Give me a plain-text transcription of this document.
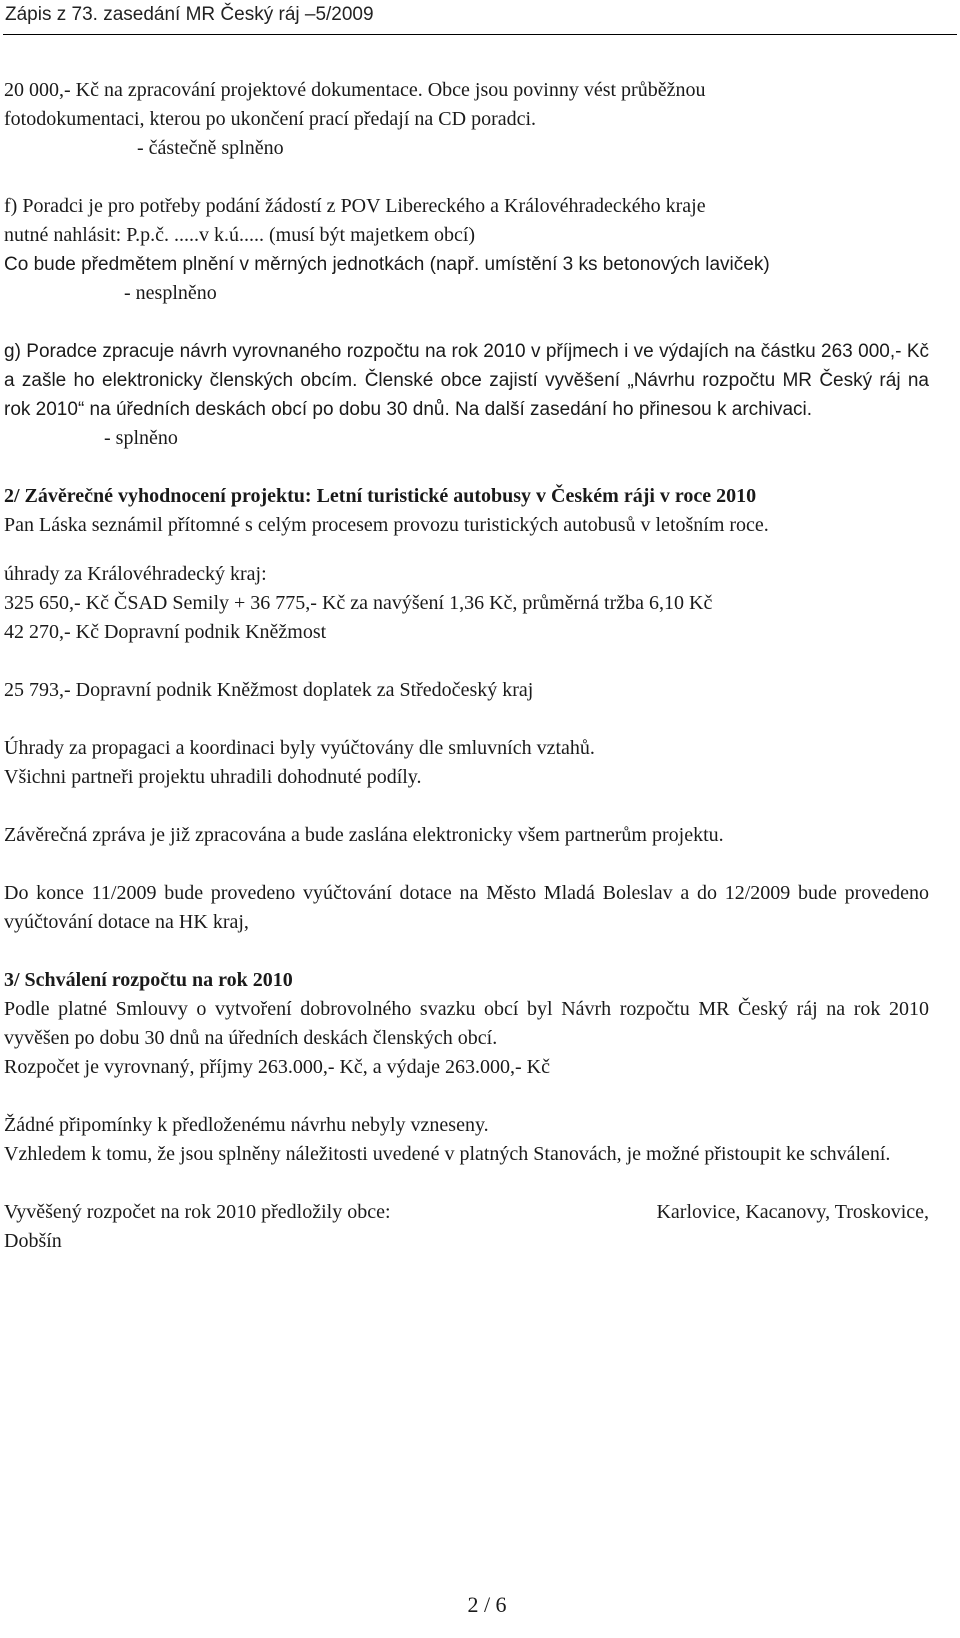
Zápis z 73. zasedání MR Český ráj –5/2009

20 000,- Kč na zpracování projektové dokumentace. Obce jsou povinny vést průběžnou

fotodokumentaci, kterou po ukončení prací předají na CD poradci.

- částečně splněno

f) Poradci je pro potřeby podání žádostí z POV Libereckého a Královéhradeckého kraje

nutné nahlásit: P.p.č. .....v k.ú..... (musí být majetkem obcí)

Co bude předmětem plnění v měrných jednotkách (např. umístění 3 ks betonových laviček)

- nesplněno

g) Poradce zpracuje návrh vyrovnaného rozpočtu na rok 2010 v příjmech i ve výdajích na částku 263 000,- Kč a zašle ho elektronicky členských obcím. Členské obce zajistí vyvěšení „Návrhu rozpočtu MR Český ráj na rok 2010“ na úředních deskách obcí po dobu 30 dnů. Na další zasedání ho přinesou k archivaci.

- splněno

2/ Závěrečné vyhodnocení projektu: Letní turistické autobusy v Českém ráji v roce 2010

Pan Láska seznámil přítomné s celým procesem provozu turistických autobusů v letošním roce.

úhrady za Královéhradecký kraj:

325 650,- Kč ČSAD Semily + 36 775,- Kč za navýšení 1,36 Kč, průměrná tržba 6,10 Kč

42 270,- Kč Dopravní podnik Kněžmost

25 793,- Dopravní podnik Kněžmost doplatek za Středočeský kraj

Úhrady za propagaci a koordinaci byly vyúčtovány dle smluvních vztahů.

Všichni partneři projektu uhradili dohodnuté podíly.

Závěrečná zpráva je již zpracována a bude zaslána elektronicky všem partnerům projektu.

Do konce 11/2009 bude provedeno vyúčtování dotace na Město Mladá Boleslav a do 12/2009 bude provedeno vyúčtování dotace na HK kraj,

3/ Schválení rozpočtu na rok 2010

Podle platné Smlouvy o vytvoření dobrovolného svazku obcí byl Návrh rozpočtu MR Český ráj na rok 2010 vyvěšen po dobu 30 dnů na úředních deskách členských obcí.

Rozpočet je vyrovnaný, příjmy 263.000,- Kč, a výdaje 263.000,- Kč

Žádné připomínky k předloženému návrhu nebyly vzneseny.

Vzhledem k tomu, že jsou splněny náležitosti uvedené v platných Stanovách, je možné přistoupit ke schválení.

Vyvěšený rozpočet na rok 2010 předložily obce:	Karlovice, Kacanovy, Troskovice,

Dobšín

2 / 6
